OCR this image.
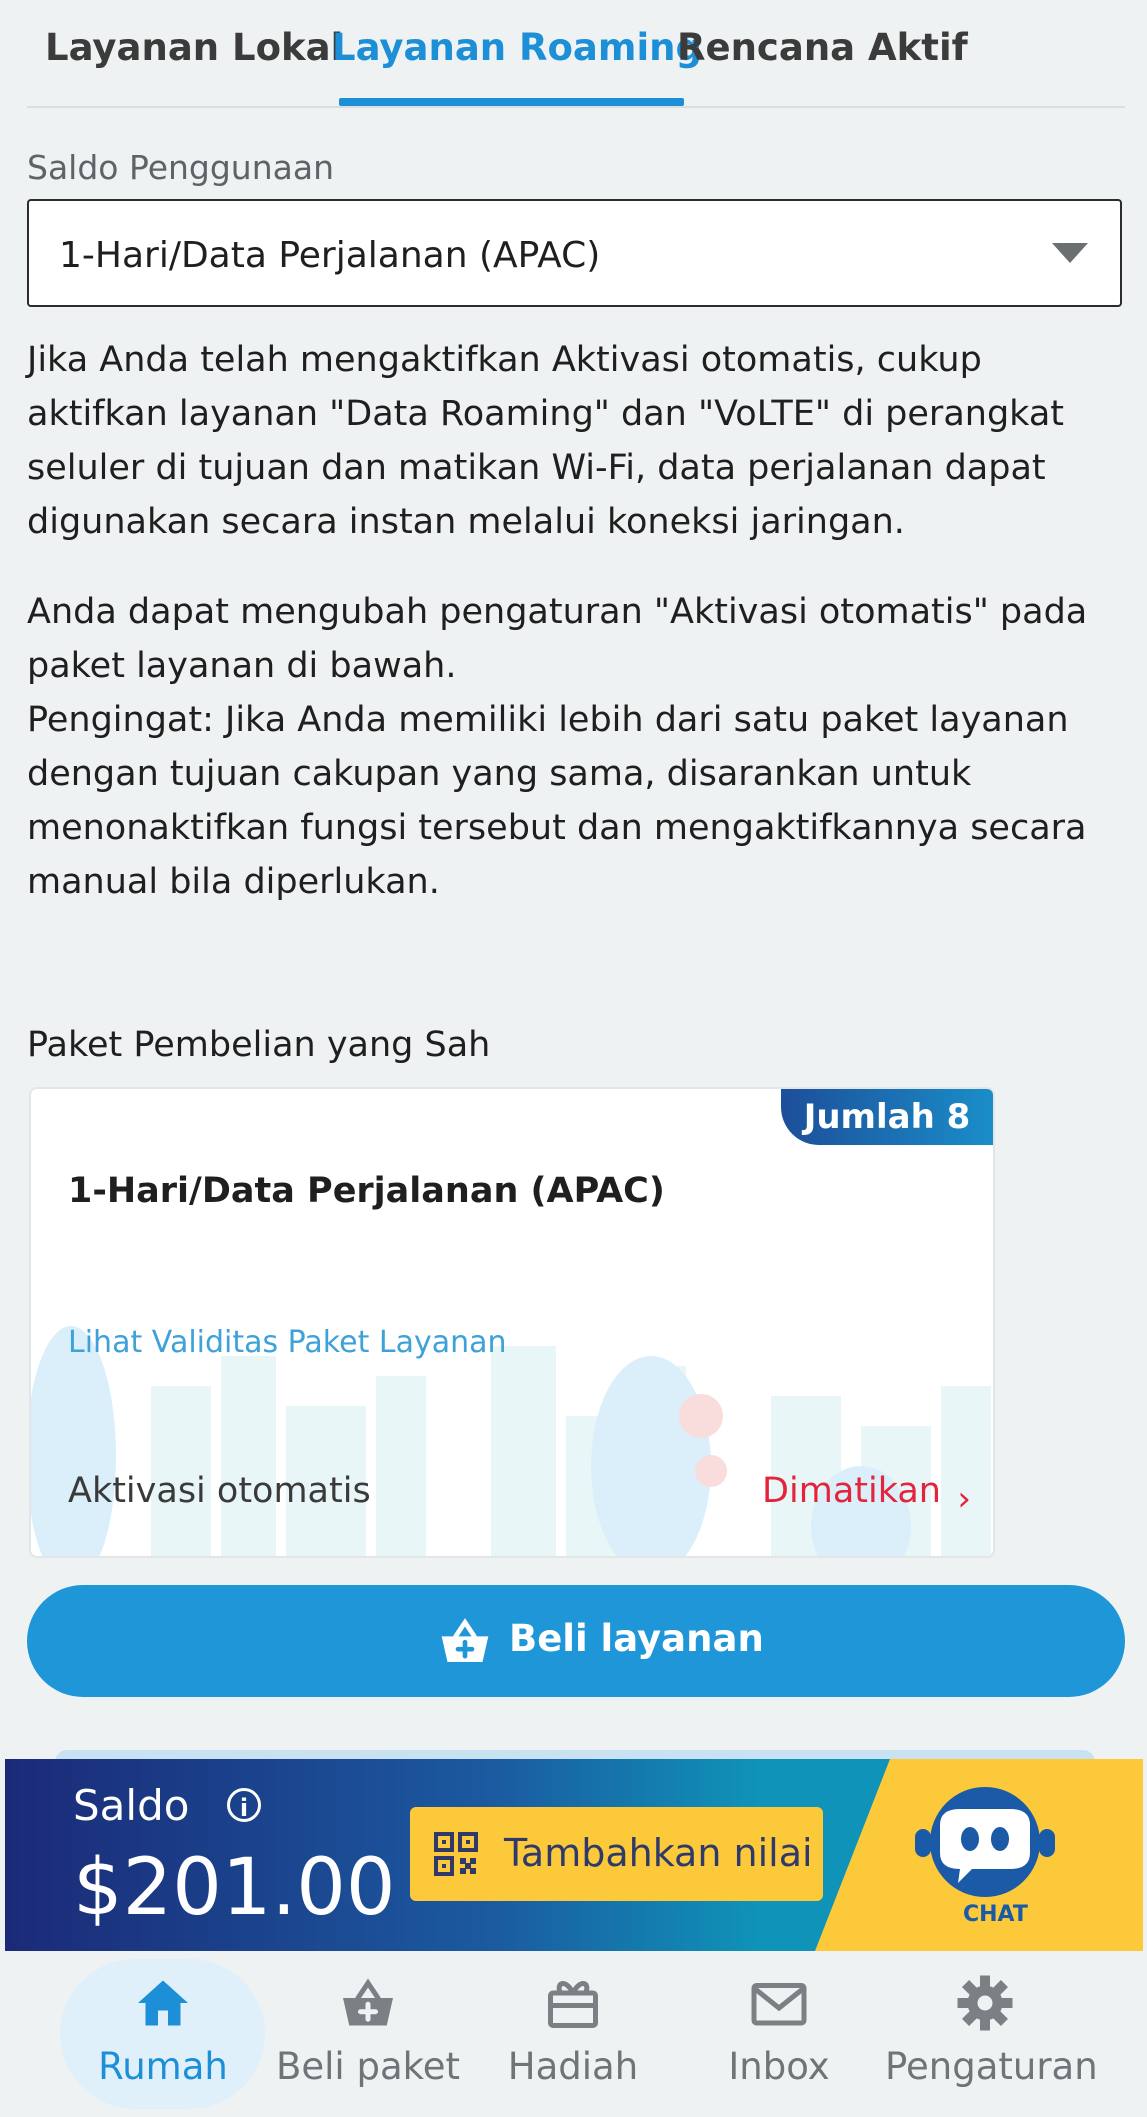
Layanan Lokal
Layanan Roaming
Rencana Aktif
Saldo Penggunaan
1-Hari/Data Perjalanan (APAC)
Jika Anda telah mengaktifkan Aktivasi otomatis, cukup aktifkan layanan "Data Roaming" dan "VoLTE" di perangkat seluler di tujuan dan matikan Wi-Fi, data perjalanan dapat digunakan secara instan melalui koneksi jaringan.
Anda dapat mengubah pengaturan "Aktivasi otomatis" pada paket layanan di bawah.
Pengingat: Jika Anda memiliki lebih dari satu paket layanan dengan tujuan cakupan yang sama, disarankan untuk menonaktifkan fungsi tersebut dan mengaktifkannya secara manual bila diperlukan.
Paket Pembelian yang Sah
Jumlah 8
1-Hari/Data Perjalanan (APAC)
Lihat Validitas Paket Layanan
Aktivasi otomatis	Dimatikan ›
Beli layanan
Saldo	i
$201.00	Tambahkan nilai
CHAT
Rumah	Beli paket	Hadiah	Inbox	Pengaturan
